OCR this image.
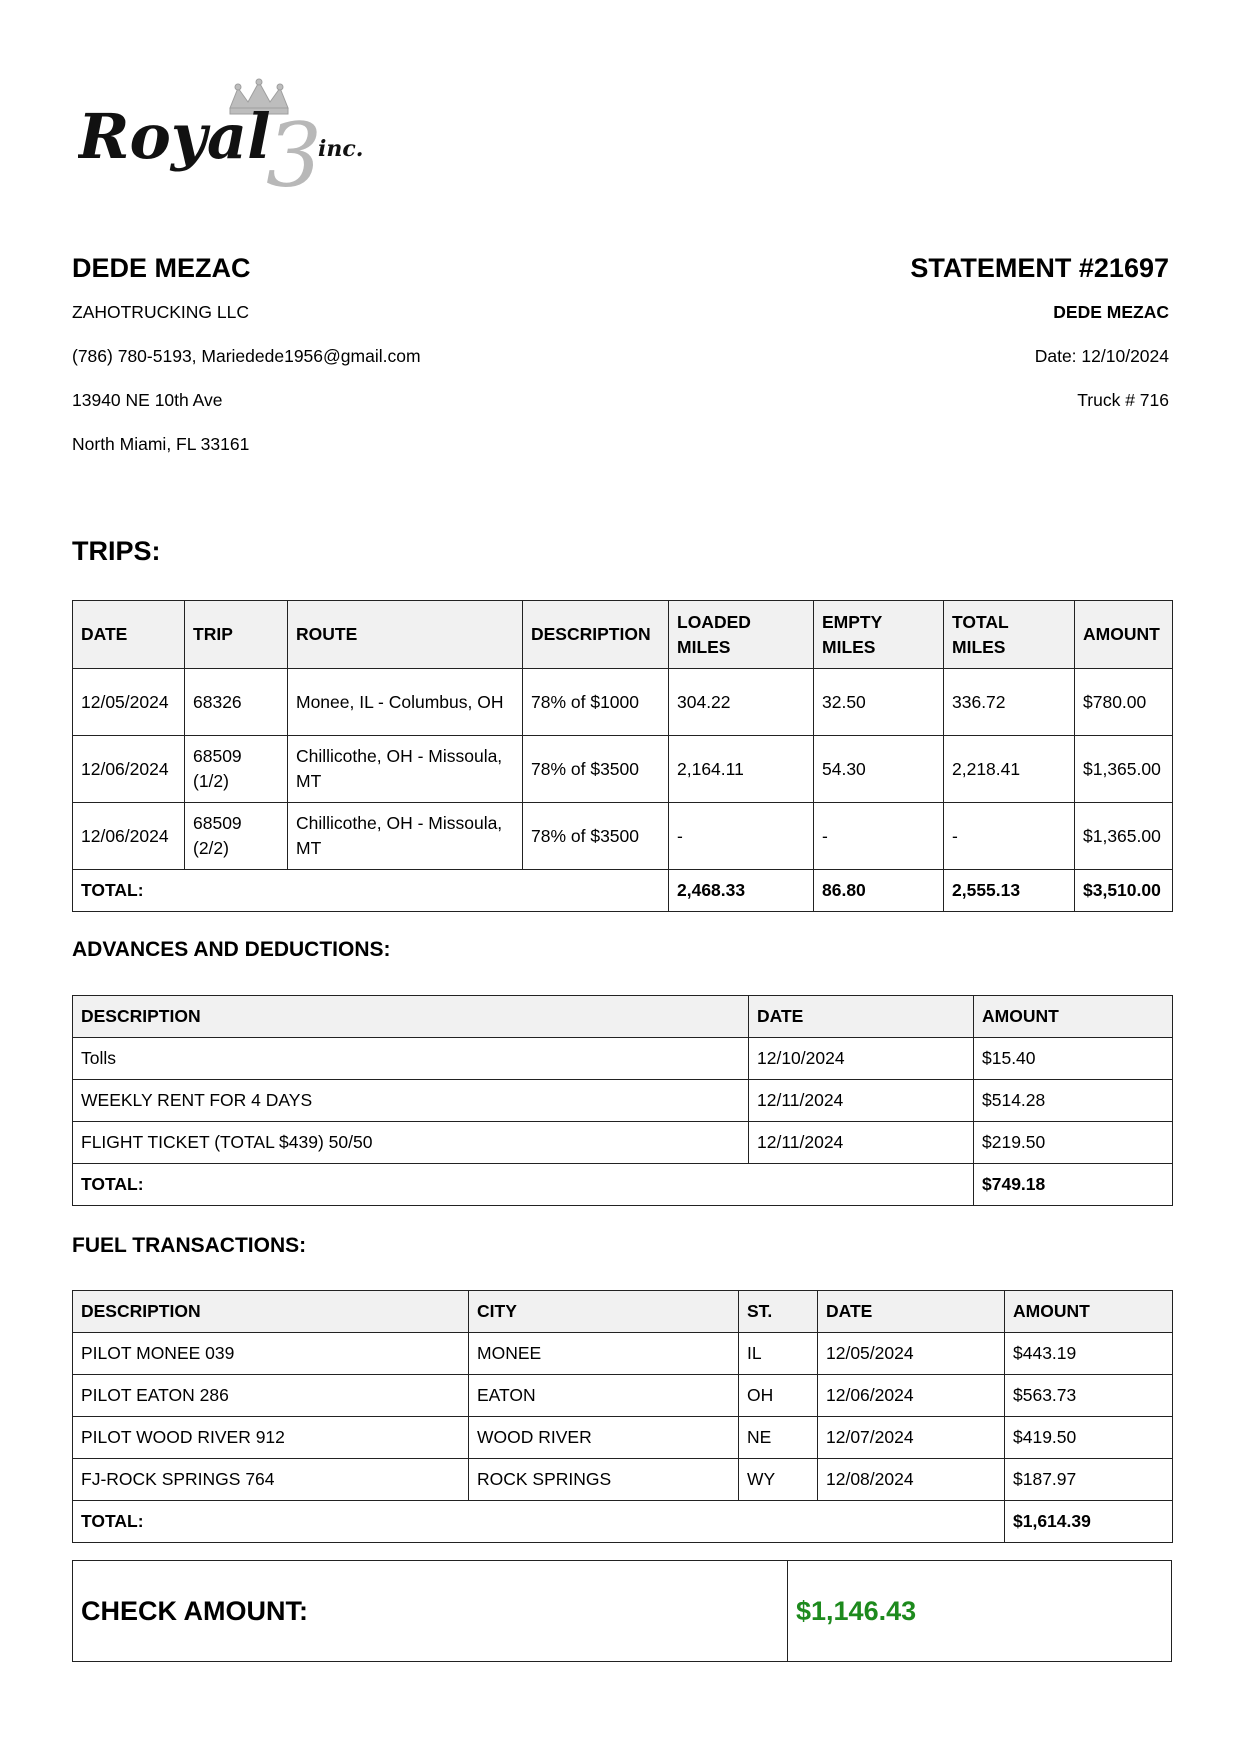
Royal
3
inc.
DEDE MEZAC
ZAHOTRUCKING LLC
(786) 780-5193, Mariedede1956@gmail.com
13940 NE 10th Ave
North Miami, FL 33161
STATEMENT #21697
DEDE MEZAC
Date: 12/10/2024
Truck # 716
TRIPS:
DATE	TRIP	ROUTE	DESCRIPTION	LOADED MILES	EMPTY MILES	TOTAL MILES	AMOUNT
12/05/2024	68326	Monee, IL - Columbus, OH	78% of $1000	304.22	32.50	336.72	$780.00
12/06/2024	68509 (1/2)	Chillicothe, OH - Missoula, MT	78% of $3500	2,164.11	54.30	2,218.41	$1,365.00
12/06/2024	68509 (2/2)	Chillicothe, OH - Missoula, MT	78% of $3500	-	-	-	$1,365.00
TOTAL:				2,468.33	86.80	2,555.13	$3,510.00
ADVANCES AND DEDUCTIONS:
DESCRIPTION	DATE	AMOUNT
Tolls	12/10/2024	$15.40
WEEKLY RENT FOR 4 DAYS	12/11/2024	$514.28
FLIGHT TICKET (TOTAL $439) 50/50	12/11/2024	$219.50
TOTAL:		$749.18
FUEL TRANSACTIONS:
DESCRIPTION	CITY	ST.	DATE	AMOUNT
PILOT MONEE 039	MONEE	IL	12/05/2024	$443.19
PILOT EATON 286	EATON	OH	12/06/2024	$563.73
PILOT WOOD RIVER 912	WOOD RIVER	NE	12/07/2024	$419.50
FJ-ROCK SPRINGS 764	ROCK SPRINGS	WY	12/08/2024	$187.97
TOTAL:				$1,614.39
CHECK AMOUNT:	$1,146.43
